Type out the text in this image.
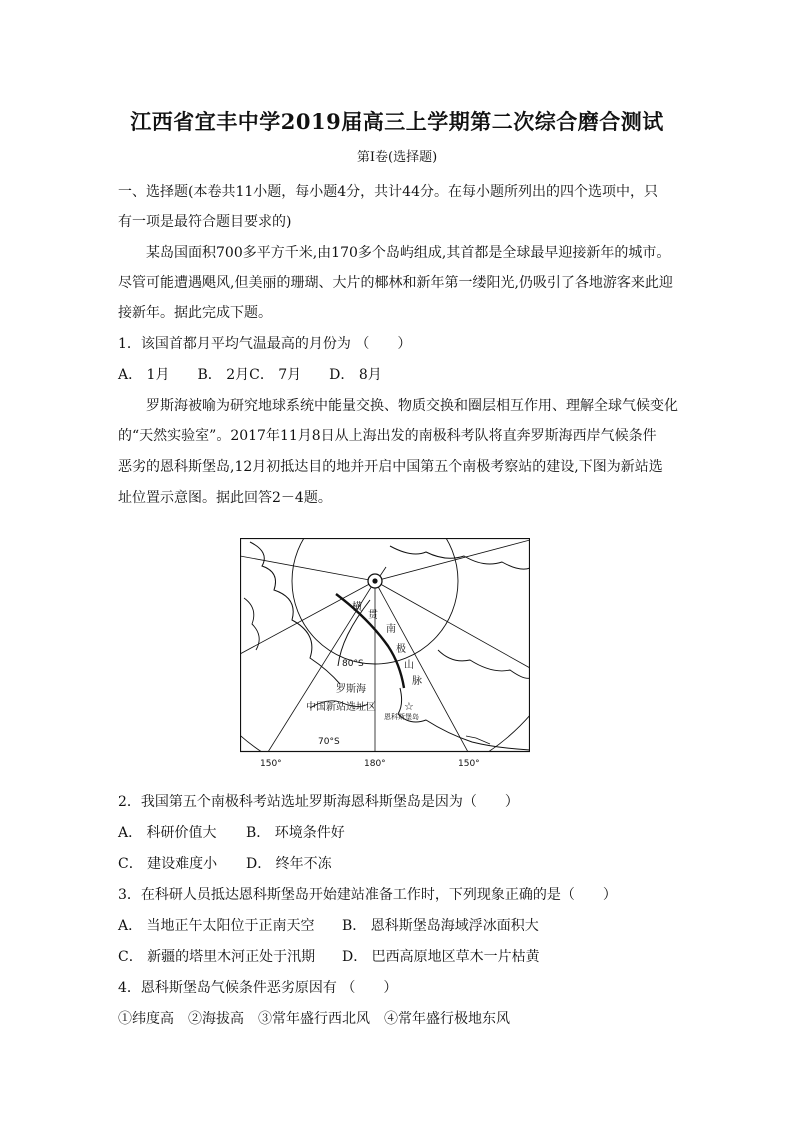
江西省宜丰中学2019届高三上学期第二次综合磨合测试
第Ⅰ卷(选择题)
一、选择题(本卷共11小题，每小题4分，共计44分。在每小题所列出的四个选项中，只
有一项是最符合题目要求的)
某岛国面积700多平方千米,由170多个岛屿组成,其首都是全球最早迎接新年的城市。
尽管可能遭遇飓风,但美丽的珊瑚、大片的椰林和新年第一缕阳光,仍吸引了各地游客来此迎
接新年。据此完成下题。
1．该国首都月平均气温最高的月份为 （　　）
A． 1月　　B． 2月C． 7月　　D． 8月
罗斯海被喻为研究地球系统中能量交换、物质交换和圈层相互作用、理解全球气候变化
的“天然实验室”。2017年11月8日从上海出发的南极科考队将直奔罗斯海西岸气候条件
恶劣的恩科斯堡岛,12月初抵达目的地并开启中国第五个南极考察站的建设,下图为新站选
址位置示意图。据此回答2－4题。
☆
横
贯
南
极
山
脉
80°S
罗斯海
中国新站选址区
恩科斯堡岛
70°S
150°	180°	150°
2．我国第五个南极科考站选址罗斯海恩科斯堡岛是因为（　　）
A． 科研价值大 B． 环境条件好
C． 建设难度小 D． 终年不冻
3．在科研人员抵达恩科斯堡岛开始建站准备工作时，下列现象正确的是（　　）
A． 当地正午太阳位于正南天空 B． 恩科斯堡岛海域浮冰面积大
C． 新疆的塔里木河正处于汛期 D． 巴西高原地区草木一片枯黄
4．恩科斯堡岛气候条件恶劣原因有 （　　）
①纬度高　②海拔高　③常年盛行西北风　④常年盛行极地东风
